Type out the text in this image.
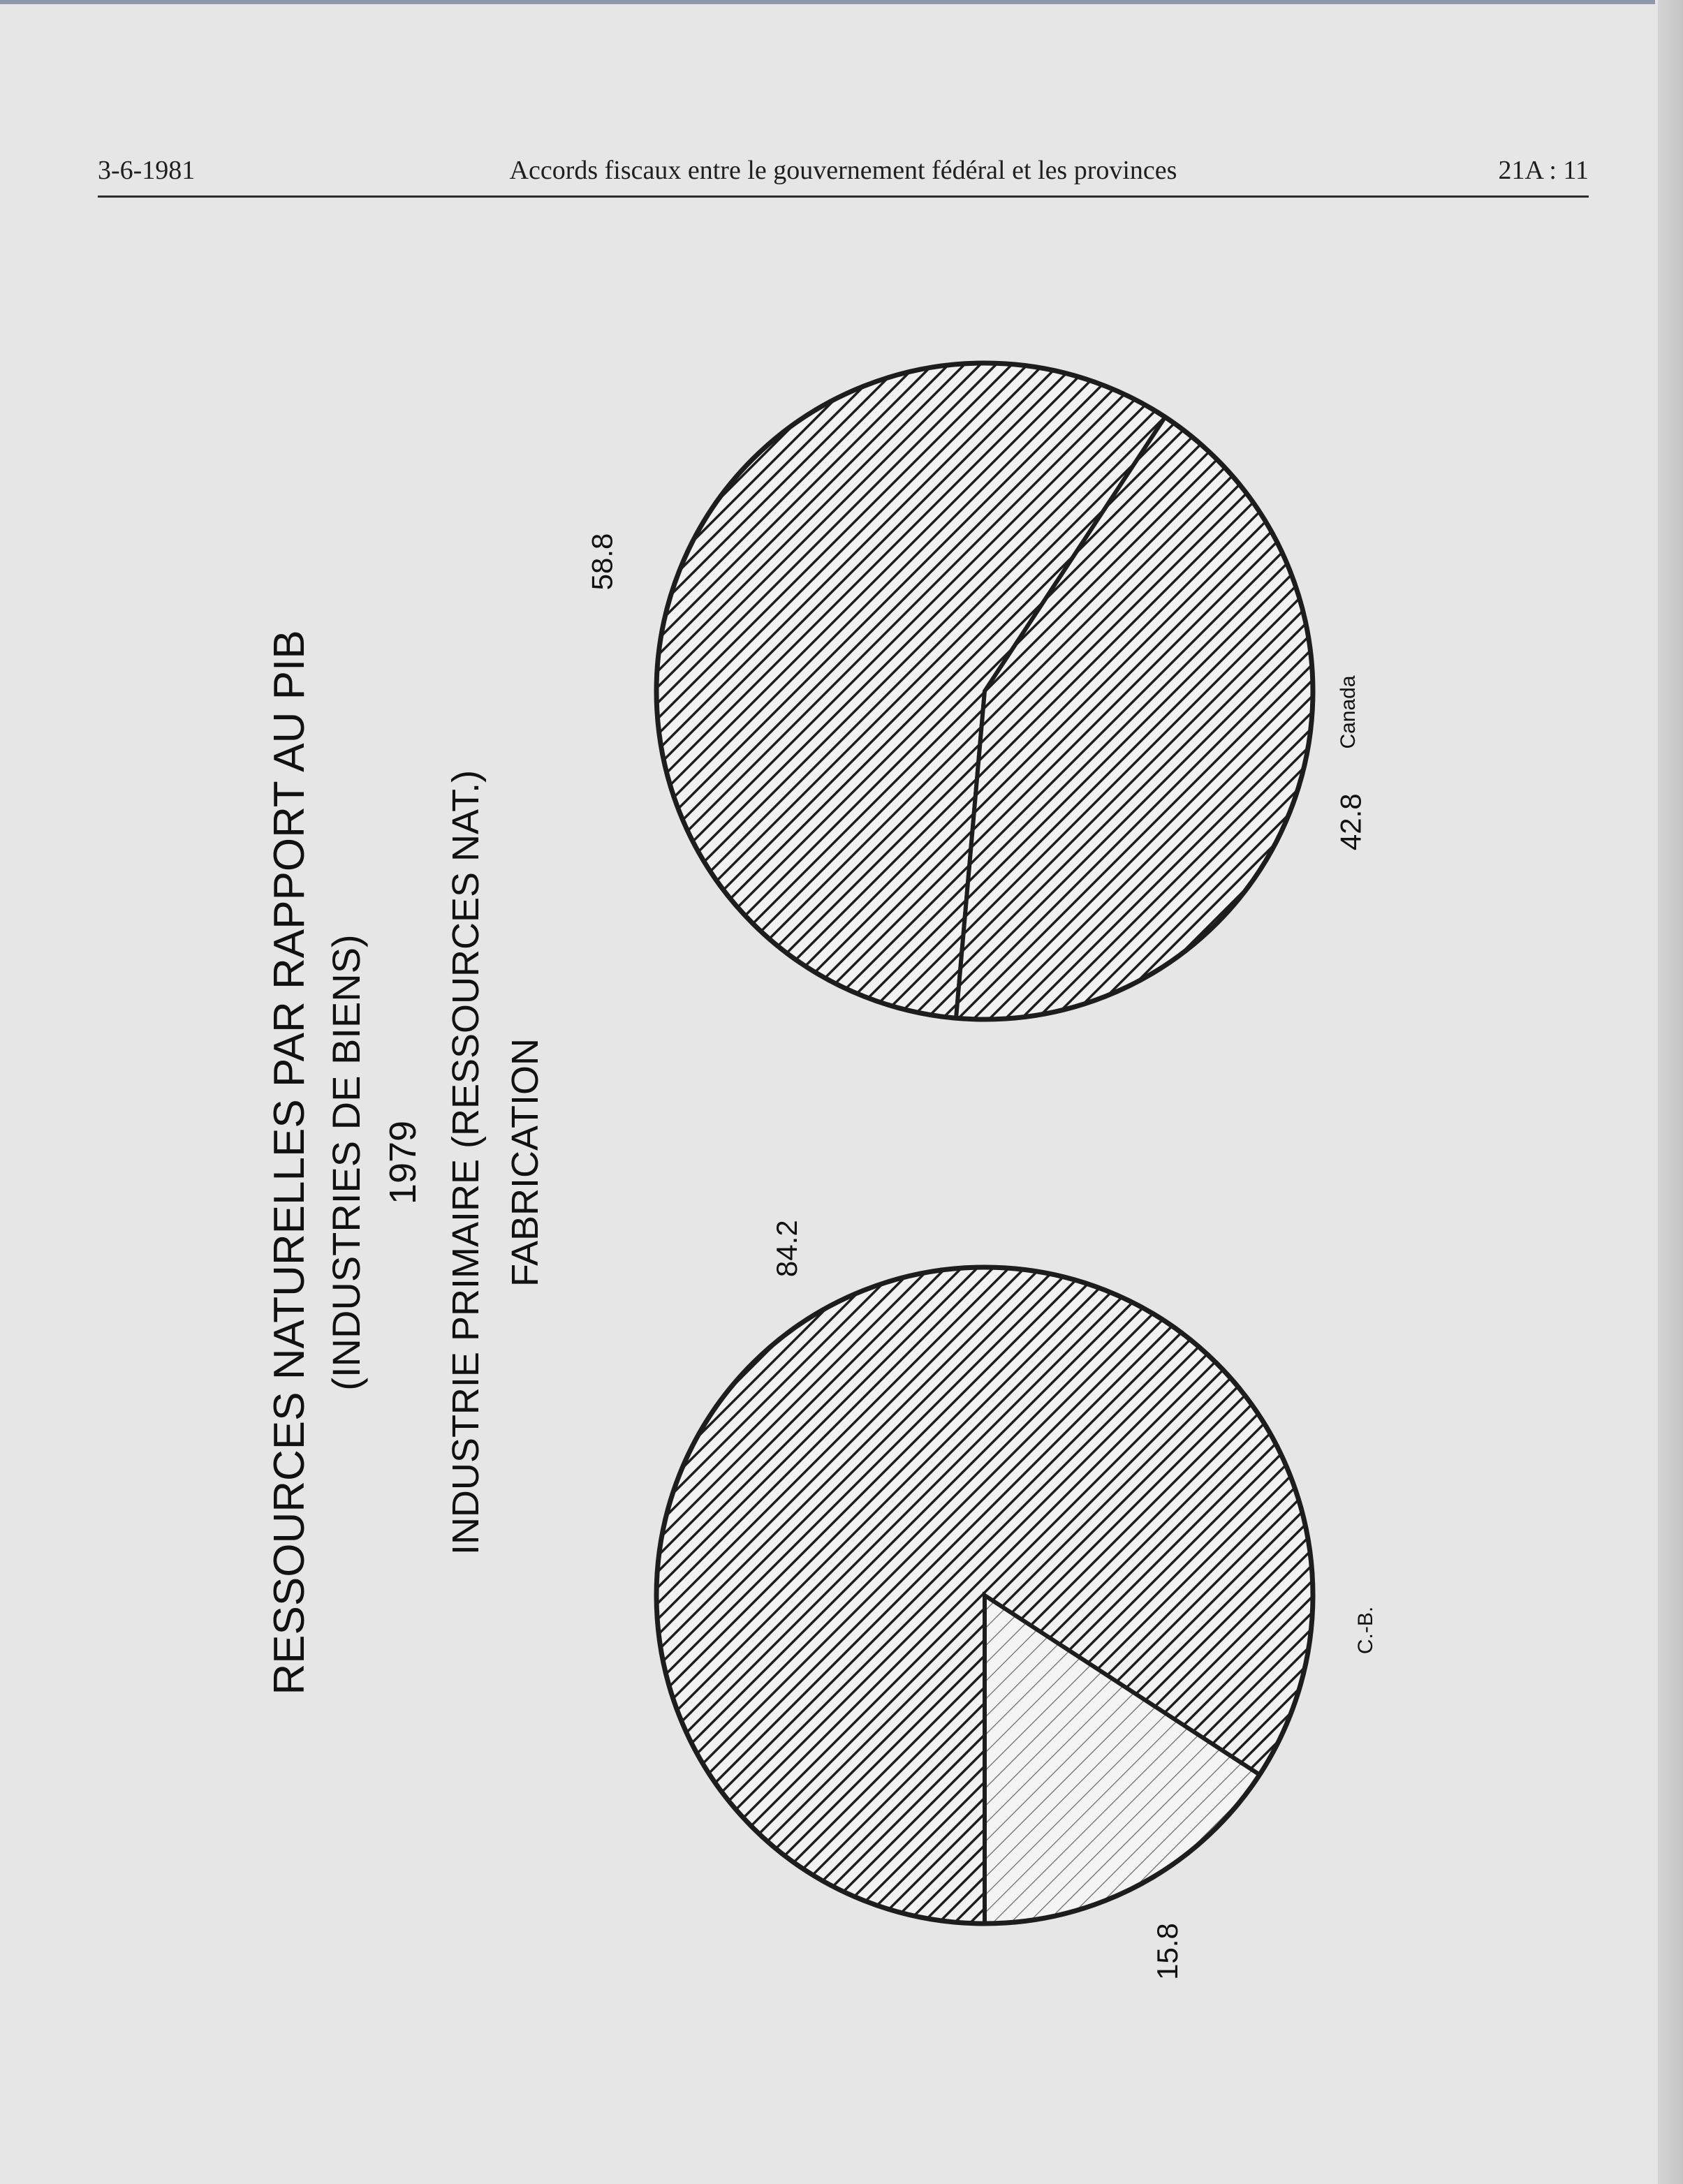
3-6-1981	Accords fiscaux entre le gouvernement fédéral et les provinces	21A : 11
RESSOURCES NATURELLES PAR RAPPORT AU PIB (INDUSTRIES DE BIENS) 1979 INDUSTRIE PRIMAIRE (RESSOURCES NAT.) FABRICATION	84.2
15.8
C.-B.
58.8
42.8
Canada
